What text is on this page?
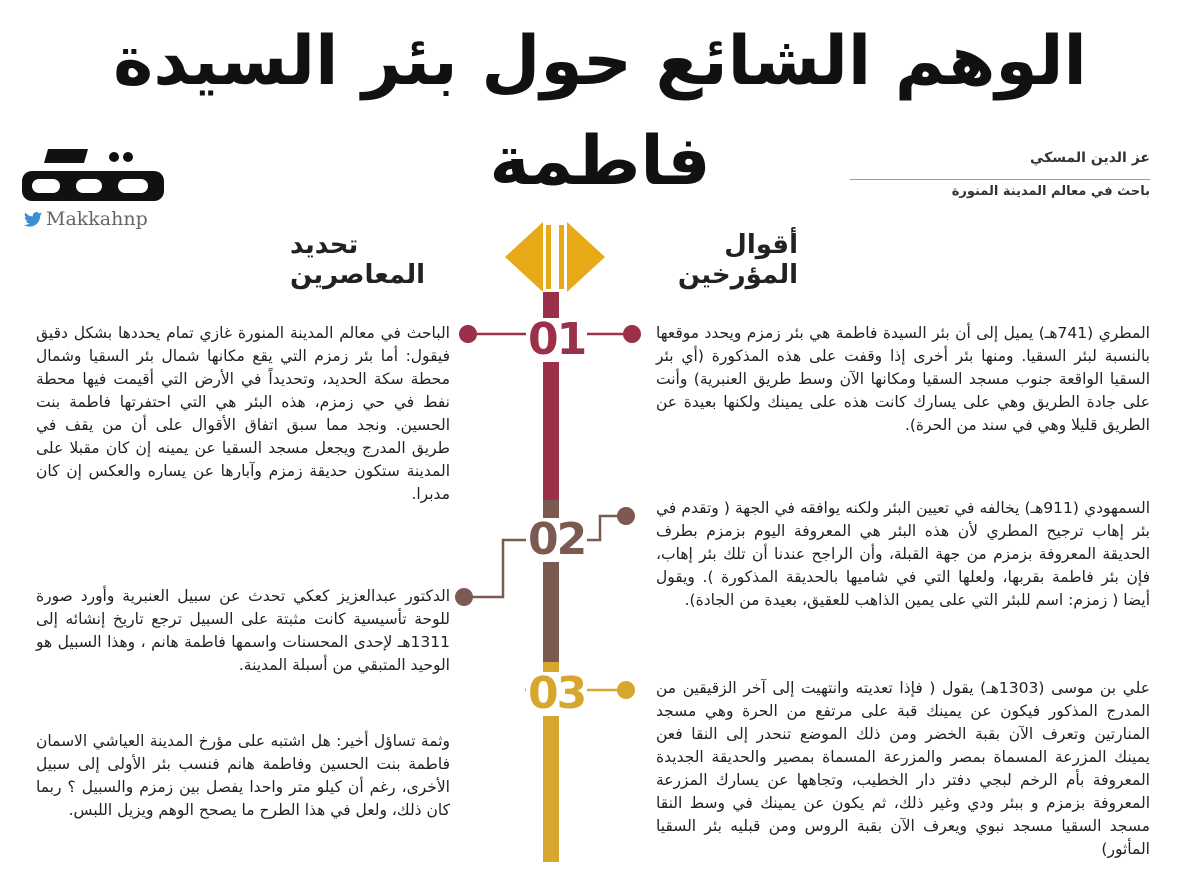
الوهم الشائع حول بئر السيدة فاطمة
Makkahnp
عز الدين المسكي
باحث في معالم المدينة المنورة
أقوال المؤرخين
تحديد المعاصرين
01
02
03
المطري (741هـ) يميل إلى أن بئر السيدة فاطمة هي بئر زمزم ويحدد موقعها بالنسبة لبئر السقيا. ومنها بئر أخرى إذا وقفت على هذه المذكورة (أي بئر السقيا الواقعة جنوب مسجد السقيا ومكانها الآن وسط طريق العنبرية) وأنت على جادة الطريق وهي على يسارك كانت هذه على يمينك ولكنها بعيدة عن الطريق قليلا وهي في سند من الحرة).
السمهودي (911هـ) يخالفه في تعيين البئر ولكنه يوافقه في الجهة ( وتقدم في بئر إهاب ترجيح المطري لأن هذه البئر هي المعروفة اليوم بزمزم بطرف الحديقة المعروفة بزمزم من جهة القبلة، وأن الراجح عندنا أن تلك بئر إهاب، فإن بئر فاطمة بقربها، ولعلها التي في شاميها بالحديقة المذكورة ). ويقول أيضا ( زمزم: اسم للبئر التي على يمين الذاهب للعقيق، بعيدة من الجادة).
علي بن موسى (1303هـ) يقول ( فإذا تعديته وانتهيت إلى آخر الزقيقين من المدرج المذكور فيكون عن يمينك قبة على مرتفع من الحرة وهي مسجد المنارتين وتعرف الآن بقبة الخضر ومن ذلك الموضع تنحدر إلى النقا فعن يمينك المزرعة المسماة بمصر والمزرعة المسماة بمصير والحديقة الجديدة المعروفة بأم الرخم لبجي دفتر دار الخطيب، وتجاهها عن يسارك المزرعة المعروفة بزمزم و ببئر ودي وغير ذلك، ثم يكون عن يمينك في وسط النقا مسجد السقيا مسجد نبوي ويعرف الآن بقبة الروس ومن قبليه بئر السقيا المأثور)
الباحث في معالم المدينة المنورة غازي تمام يحددها بشكل دقيق فيقول: أما بئر زمزم التي يقع مكانها شمال بئر السقيا وشمال محطة سكة الحديد، وتحديداً في الأرض التي أقيمت فيها محطة نفط في حي زمزم، هذه البئر هي التي احتفرتها فاطمة بنت الحسين. ونجد مما سبق اتفاق الأقوال على أن من يقف في طريق المدرج ويجعل مسجد السقيا عن يمينه إن كان مقبلا على المدينة ستكون حديقة زمزم وآبارها عن يساره والعكس إن كان مدبرا.
الدكتور عبدالعزيز كعكي تحدث عن سبيل العنبرية وأورد صورة للوحة تأسيسية كانت مثبتة على السبيل ترجع تاريخ إنشائه إلى 1311هـ لإحدى المحسنات واسمها فاطمة هانم ، وهذا السبيل هو الوحيد المتبقي من أسبلة المدينة.
وثمة تساؤل أخير: هل اشتبه على مؤرخ المدينة العياشي الاسمان فاطمة بنت الحسين وفاطمة هانم فنسب بئر الأولى إلى سبيل الأخرى، رغم أن كيلو متر واحدا يفصل بين زمزم والسبيل ؟ ربما كان ذلك، ولعل في هذا الطرح ما يصحح الوهم ويزيل اللبس.
